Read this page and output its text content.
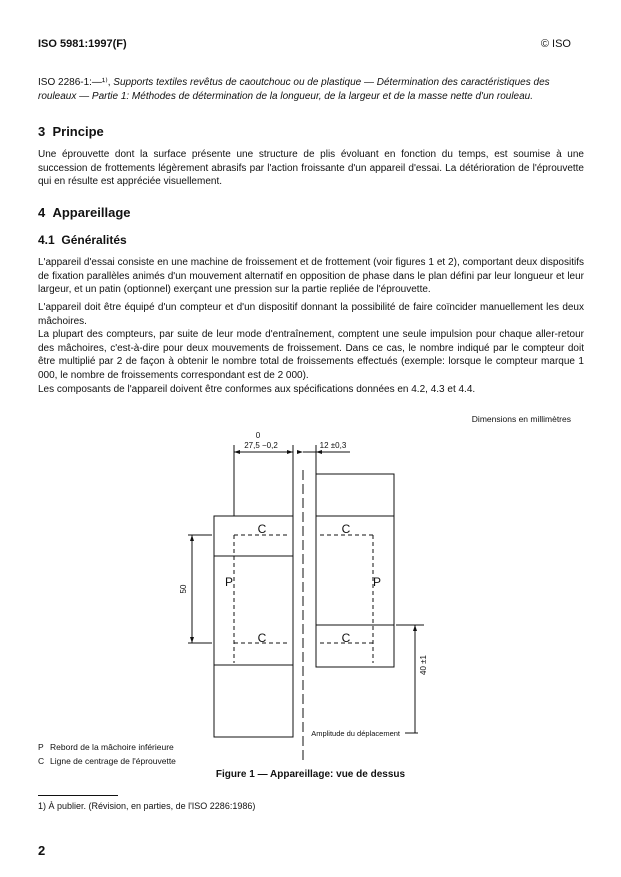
ISO 5981:1997(F)	© ISO
ISO 2286-1:—¹⁾, Supports textiles revêtus de caoutchouc ou de plastique — Détermination des caractéristiques des rouleaux — Partie 1: Méthodes de détermination de la longueur, de la largeur et de la masse nette d'un rouleau.
3 Principe
Une éprouvette dont la surface présente une structure de plis évoluant en fonction du temps, est soumise à une succession de frottements légèrement abrasifs par l'action froissante d'un appareil d'essai. La détérioration de l'éprouvette qui en résulte est appréciée visuellement.
4 Appareillage
4.1 Généralités
L'appareil d'essai consiste en une machine de froissement et de frottement (voir figures 1 et 2), comportant deux dispositifs de fixation parallèles animés d'un mouvement alternatif en opposition de phase dans le plan défini par leur longueur et leur largeur, et un patin (optionnel) exerçant une pression sur la partie repliée de l'éprouvette.
L'appareil doit être équipé d'un compteur et d'un dispositif donnant la possibilité de faire coïncider manuellement les deux mâchoires.
La plupart des compteurs, par suite de leur mode d'entraînement, comptent une seule impulsion pour chaque aller-retour des mâchoires, c'est-à-dire pour deux mouvements de froissement. Dans ce cas, le nombre indiqué par le compteur doit être multiplié par 2 de façon à obtenir le nombre total de froissements effectués (exemple: lorsque le compteur marque 1 000, le nombre de froissements correspondant est de 2 000).
Les composants de l'appareil doivent être conformes aux spécifications données en 4.2, 4.3 et 4.4.
Dimensions en millimètres
0
27,5 −0,2	12 ±0,3
50
40 ±1
Amplitude du déplacement
C
C
C
C
P	P
P Rebord de la mâchoire inférieure
C Ligne de centrage de l'éprouvette
Figure 1 — Appareillage: vue de dessus
1) À publier. (Révision, en parties, de l'ISO 2286:1986)
2
